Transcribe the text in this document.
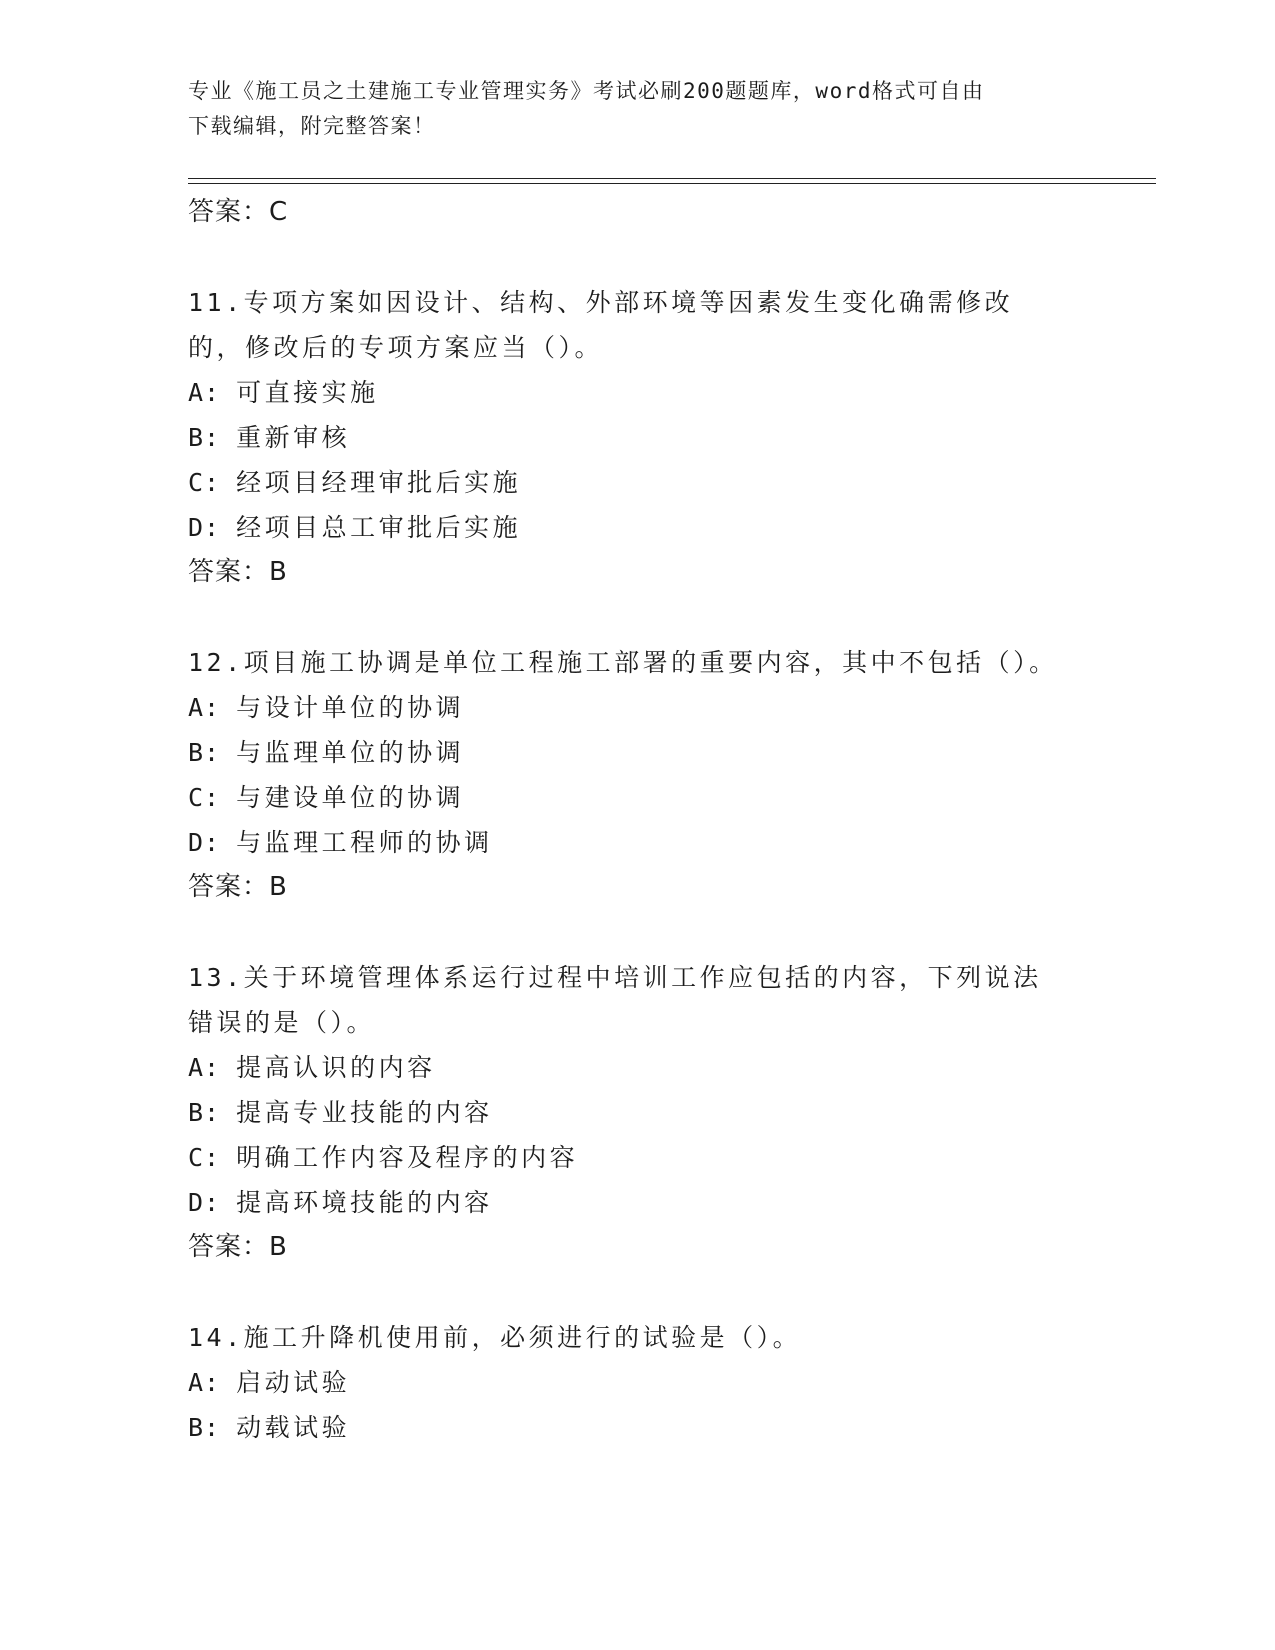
专业《施工员之土建施工专业管理实务》考试必刷200题题库，word格式可自由
下载编辑，附完整答案！

答案：C

11.专项方案如因设计、结构、外部环境等因素发生变化确需修改的，修改后的专项方案应当（）。

A: 可直接实施

B: 重新审核

C: 经项目经理审批后实施

D: 经项目总工审批后实施

答案：B

12.项目施工协调是单位工程施工部署的重要内容，其中不包括（）。

A: 与设计单位的协调

B: 与监理单位的协调

C: 与建设单位的协调

D: 与监理工程师的协调

答案：B

13.关于环境管理体系运行过程中培训工作应包括的内容，下列说法错误的是（）。

A: 提高认识的内容

B: 提高专业技能的内容

C: 明确工作内容及程序的内容

D: 提高环境技能的内容

答案：B

14.施工升降机使用前，必须进行的试验是（）。

A: 启动试验

B: 动载试验
